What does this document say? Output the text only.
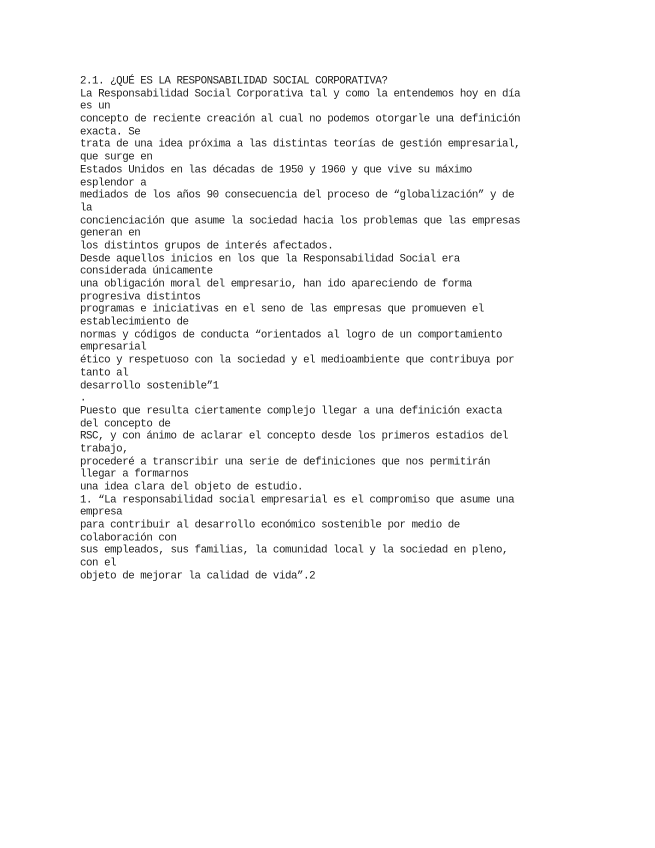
2.1. ¿QUÉ ES LA RESPONSABILIDAD SOCIAL CORPORATIVA?
La Responsabilidad Social Corporativa tal y como la entendemos hoy en día
es un
concepto de reciente creación al cual no podemos otorgarle una definición
exacta. Se
trata de una idea próxima a las distintas teorías de gestión empresarial,
que surge en
Estados Unidos en las décadas de 1950 y 1960 y que vive su máximo
esplendor a
mediados de los años 90 consecuencia del proceso de “globalización” y de
la
concienciación que asume la sociedad hacia los problemas que las empresas
generan en
los distintos grupos de interés afectados.
Desde aquellos inicios en los que la Responsabilidad Social era
considerada únicamente
una obligación moral del empresario, han ido apareciendo de forma
progresiva distintos
programas e iniciativas en el seno de las empresas que promueven el
establecimiento de
normas y códigos de conducta “orientados al logro de un comportamiento
empresarial
ético y respetuoso con la sociedad y el medioambiente que contribuya por
tanto al
desarrollo sostenible”1
.
Puesto que resulta ciertamente complejo llegar a una definición exacta
del concepto de
RSC, y con ánimo de aclarar el concepto desde los primeros estadios del
trabajo,
procederé a transcribir una serie de definiciones que nos permitirán
llegar a formarnos
una idea clara del objeto de estudio.
1. “La responsabilidad social empresarial es el compromiso que asume una
empresa
para contribuir al desarrollo económico sostenible por medio de
colaboración con
sus empleados, sus familias, la comunidad local y la sociedad en pleno,
con el
objeto de mejorar la calidad de vida”.2
